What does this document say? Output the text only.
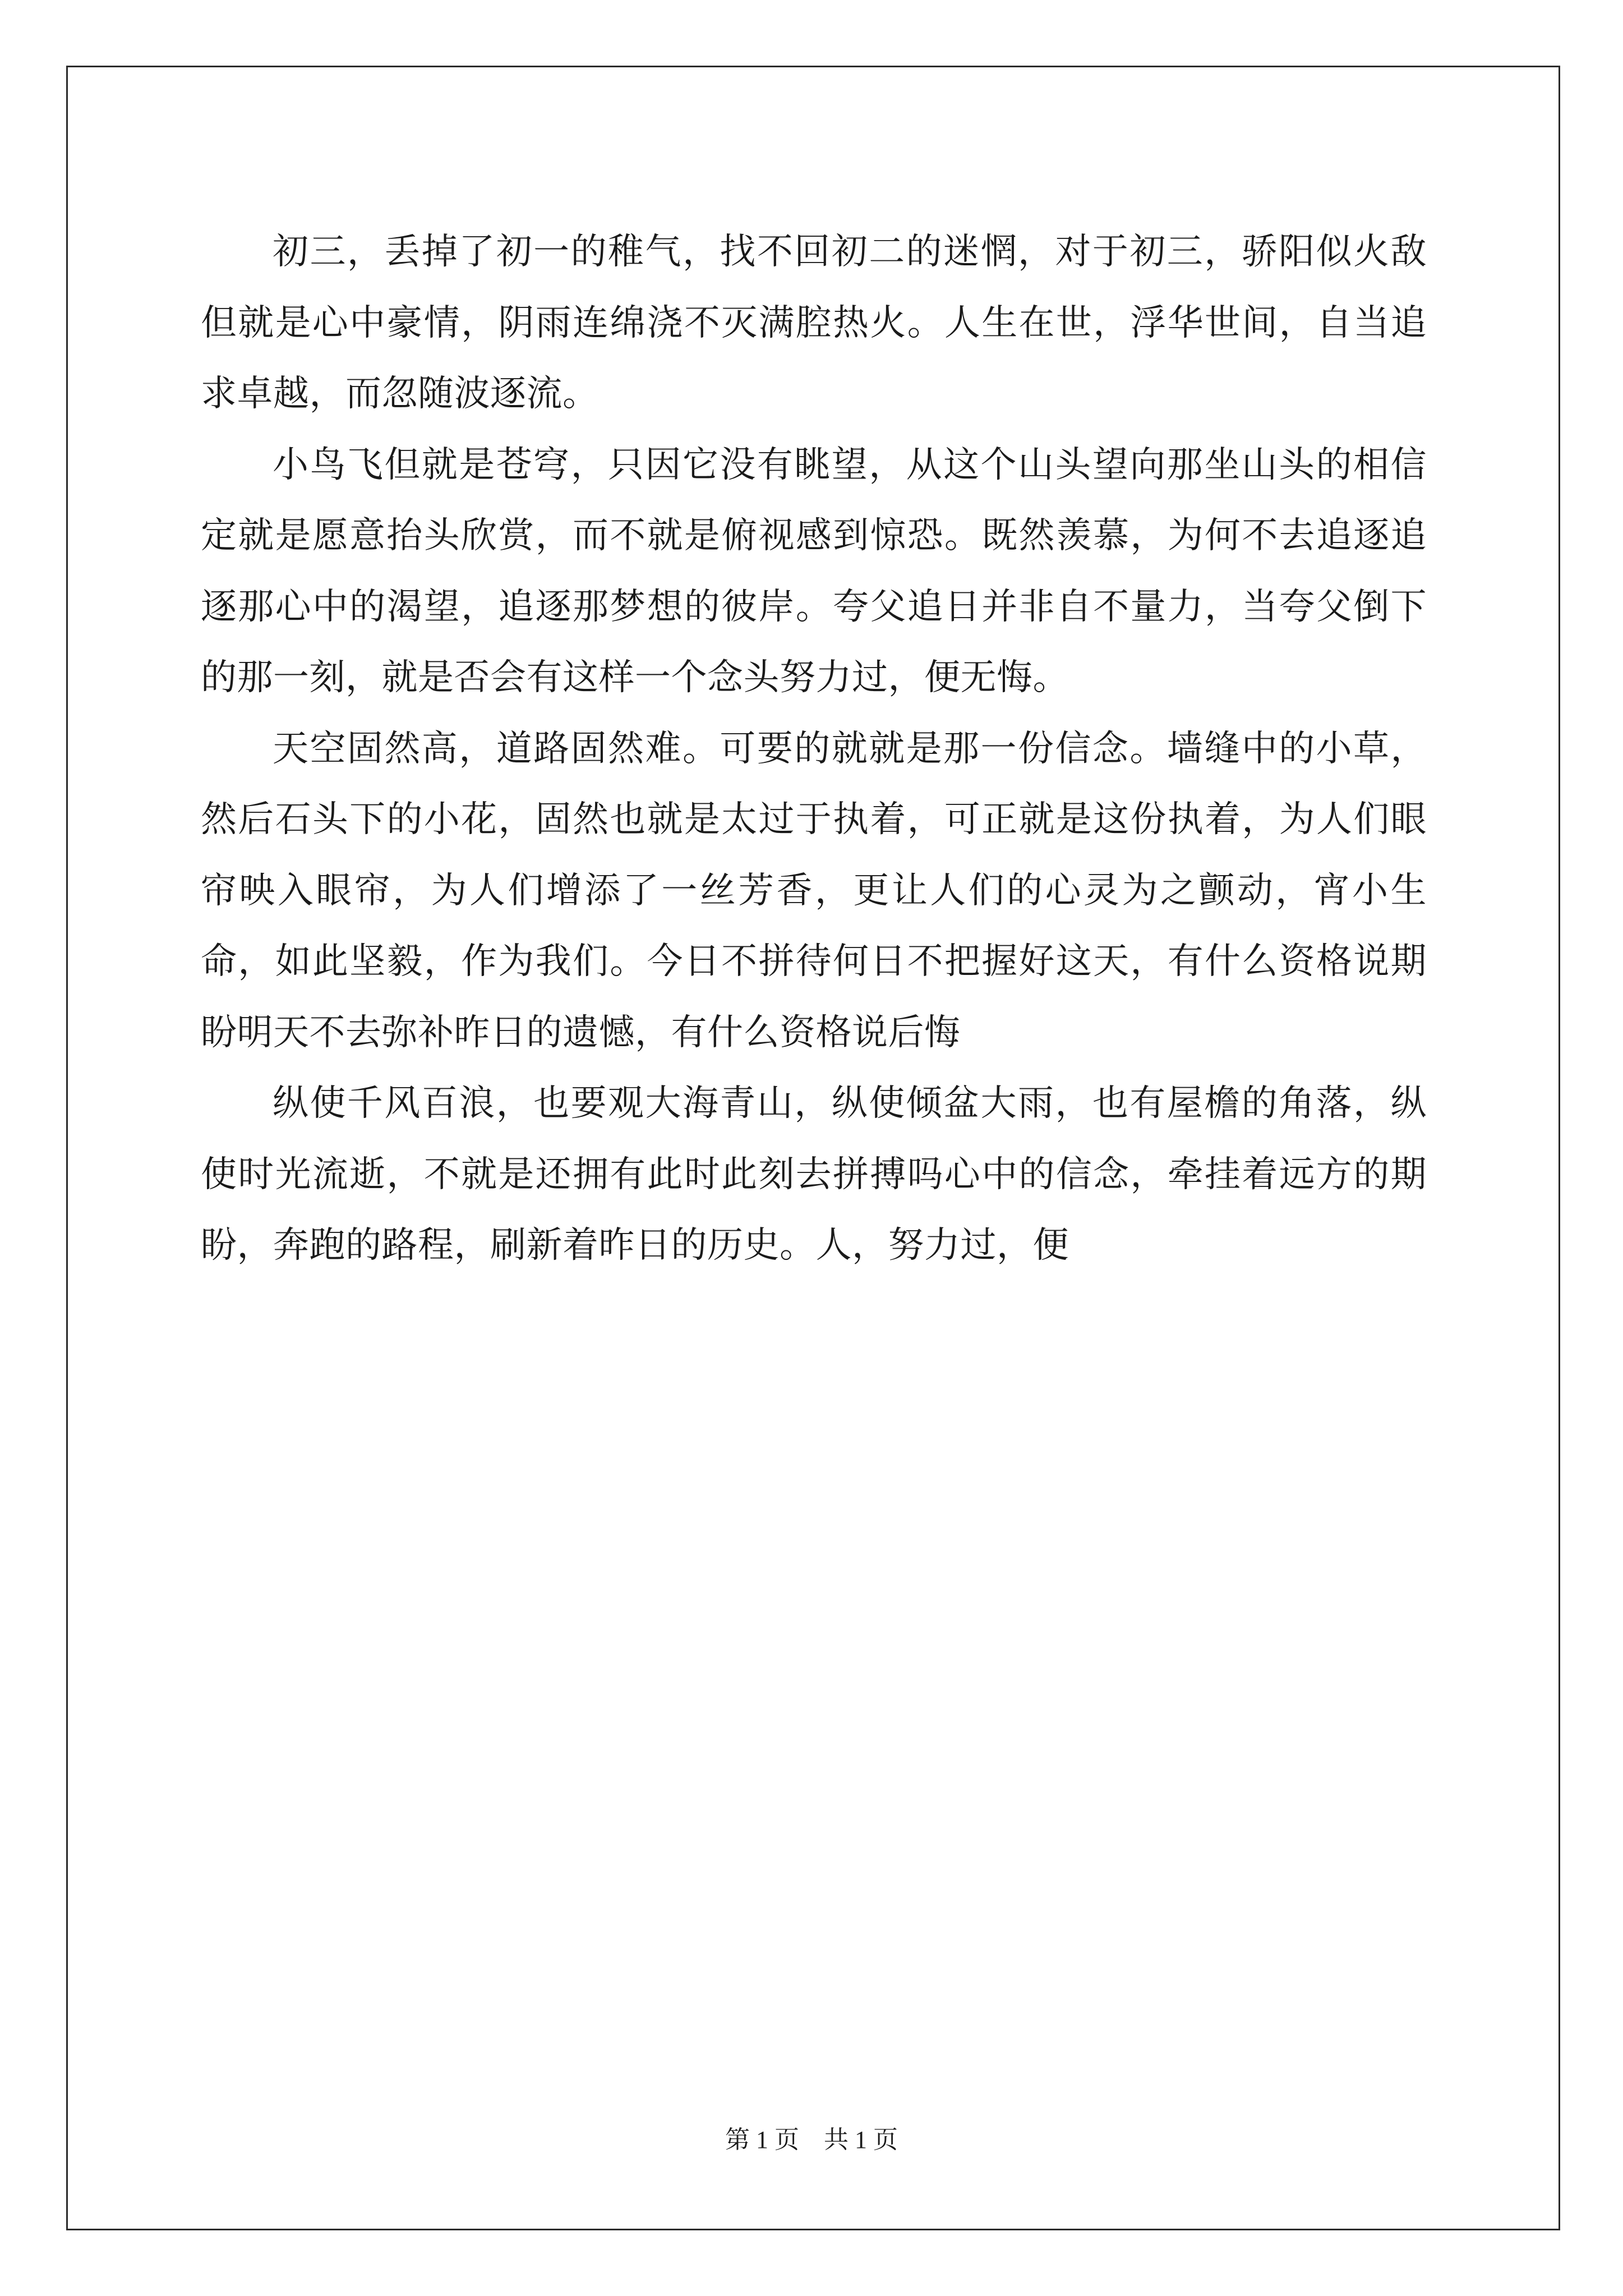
初三，丢掉了初一的稚气，找不回初二的迷惘，对于初三，骄阳似火敌但就是心中豪情，阴雨连绵浇不灭满腔热火。人生在世，浮华世间，自当追求卓越，而忽随波逐流。

小鸟飞但就是苍穹，只因它没有眺望，从这个山头望向那坐山头的相信定就是愿意抬头欣赏，而不就是俯视感到惊恐。既然羡慕，为何不去追逐追逐那心中的渴望，追逐那梦想的彼岸。夸父追日并非自不量力，当夸父倒下的那一刻，就是否会有这样一个念头努力过，便无悔。

天空固然高，道路固然难。可要的就就是那一份信念。墙缝中的小草，然后石头下的小花，固然也就是太过于执着，可正就是这份执着，为人们眼帘映入眼帘，为人们增添了一丝芳香，更让人们的心灵为之颤动，宵小生命，如此坚毅，作为我们。今日不拼待何日不把握好这天，有什么资格说期盼明天不去弥补昨日的遗憾，有什么资格说后悔

纵使千风百浪，也要观大海青山，纵使倾盆大雨，也有屋檐的角落，纵使时光流逝，不就是还拥有此时此刻去拼搏吗心中的信念，牵挂着远方的期盼，奔跑的路程，刷新着昨日的历史。人，努力过，便

第 1 页　共 1 页
